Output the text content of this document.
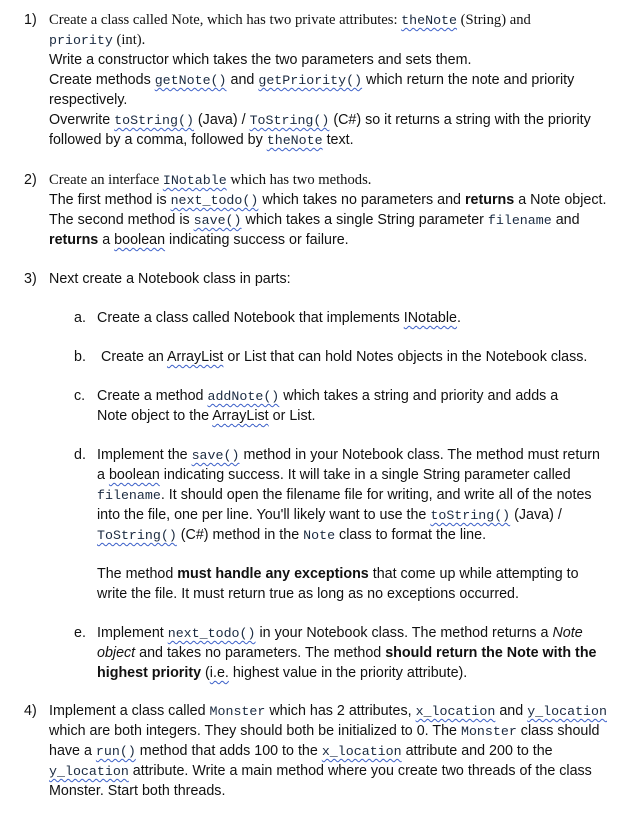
1) Create a class called Note, which has two private attributes: theNote (String) and
priority (int).
Write a constructor which takes the two parameters and sets them.
Create methods getNote() and getPriority() which return the note and priority
respectively.
Overwrite toString() (Java) / ToString() (C#) so it returns a string with the priority
followed by a comma, followed by theNote text.
2) Create an interface INotable which has two methods.
The first method is next_todo() which takes no parameters and returns a Note object.
The second method is save() which takes a single String parameter filename and
returns a boolean indicating success or failure.
3) Next create a Notebook class in parts:
a. Create a class called Notebook that implements INotable.
b. Create an ArrayList or List that can hold Notes objects in the Notebook class.
c. Create a method addNote() which takes a string and priority and adds a
Note object to the ArrayList or List.
d. Implement the save() method in your Notebook class. The method must return
a boolean indicating success. It will take in a single String parameter called
filename. It should open the filename file for writing, and write all of the notes
into the file, one per line. You'll likely want to use the toString() (Java) /
ToString() (C#) method in the Note class to format the line.
The method must handle any exceptions that come up while attempting to
write the file. It must return true as long as no exceptions occurred.
e. Implement next_todo() in your Notebook class. The method returns a Note
object and takes no parameters. The method should return the Note with the
highest priority (i.e. highest value in the priority attribute).
4) Implement a class called Monster which has 2 attributes, x_location and y_location
which are both integers. They should both be initialized to 0. The Monster class should
have a run() method that adds 100 to the x_location attribute and 200 to the
y_location attribute. Write a main method where you create two threads of the class
Monster. Start both threads.
